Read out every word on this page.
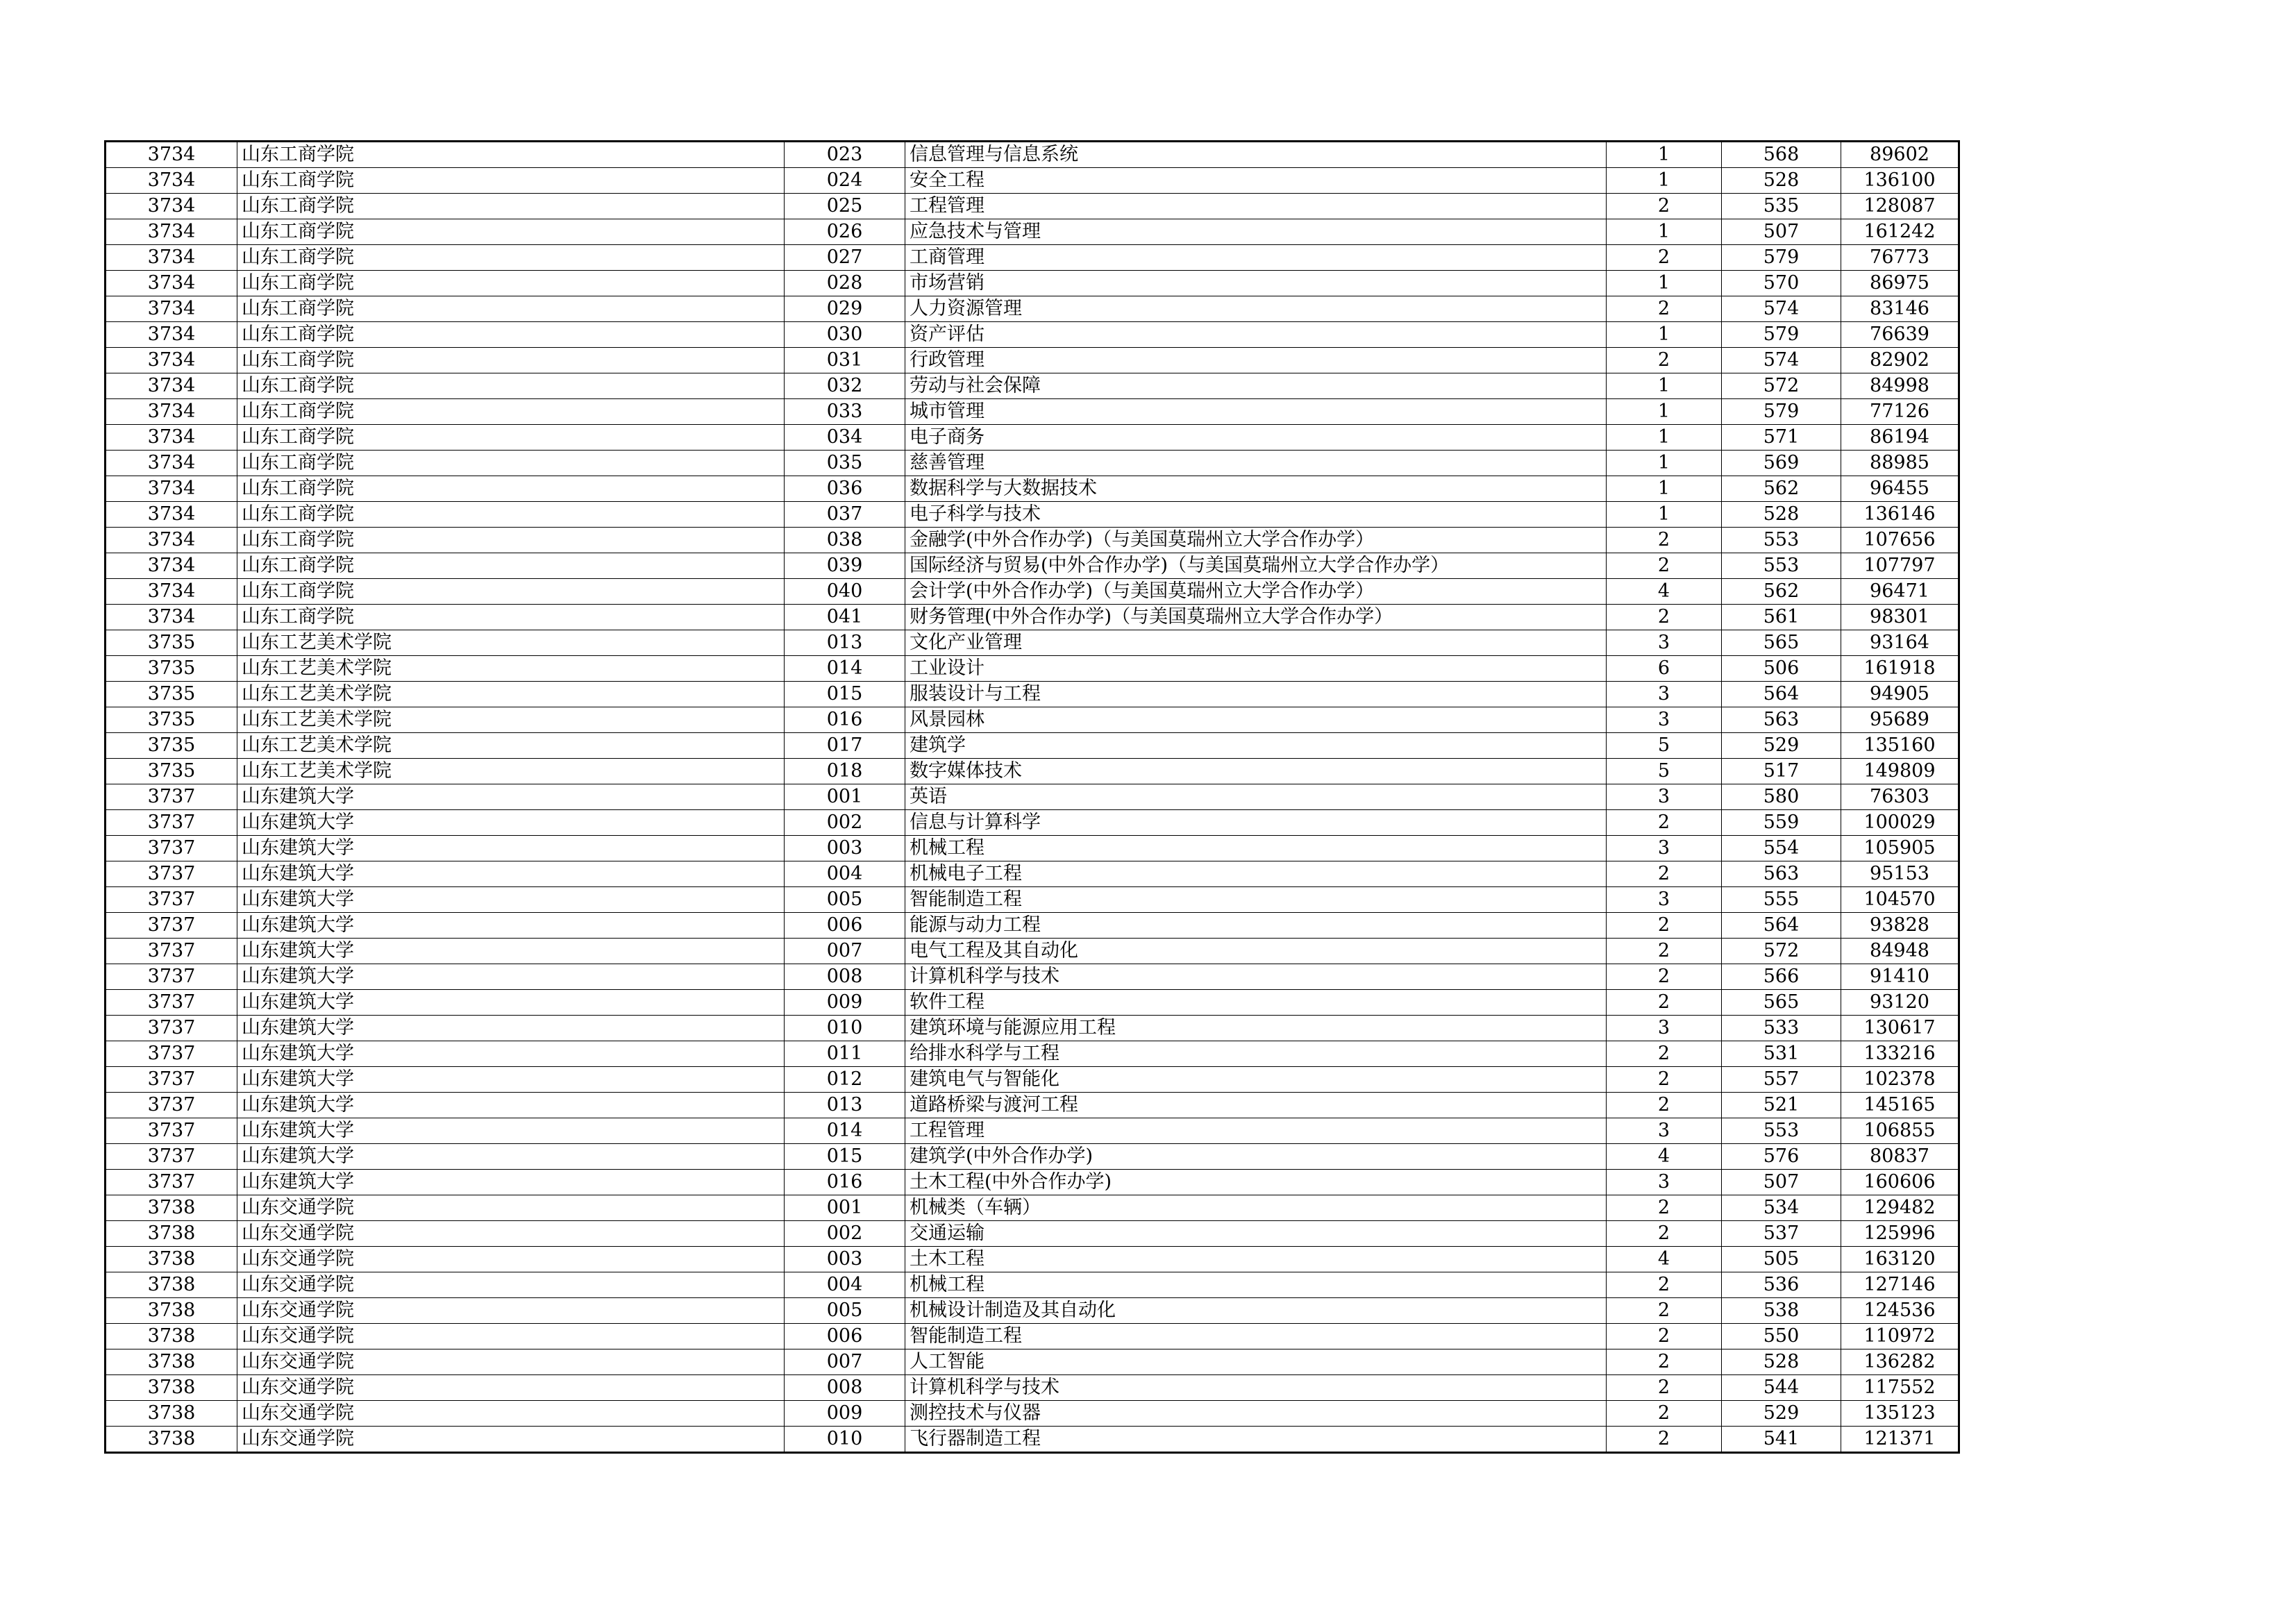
3734	山东工商学院	023	信息管理与信息系统	1	568	89602
3734	山东工商学院	024	安全工程	1	528	136100
3734	山东工商学院	025	工程管理	2	535	128087
3734	山东工商学院	026	应急技术与管理	1	507	161242
3734	山东工商学院	027	工商管理	2	579	76773
3734	山东工商学院	028	市场营销	1	570	86975
3734	山东工商学院	029	人力资源管理	2	574	83146
3734	山东工商学院	030	资产评估	1	579	76639
3734	山东工商学院	031	行政管理	2	574	82902
3734	山东工商学院	032	劳动与社会保障	1	572	84998
3734	山东工商学院	033	城市管理	1	579	77126
3734	山东工商学院	034	电子商务	1	571	86194
3734	山东工商学院	035	慈善管理	1	569	88985
3734	山东工商学院	036	数据科学与大数据技术	1	562	96455
3734	山东工商学院	037	电子科学与技术	1	528	136146
3734	山东工商学院	038	金融学(中外合作办学)（与美国莫瑞州立大学合作办学）	2	553	107656
3734	山东工商学院	039	国际经济与贸易(中外合作办学)（与美国莫瑞州立大学合作办学）	2	553	107797
3734	山东工商学院	040	会计学(中外合作办学)（与美国莫瑞州立大学合作办学）	4	562	96471
3734	山东工商学院	041	财务管理(中外合作办学)（与美国莫瑞州立大学合作办学）	2	561	98301
3735	山东工艺美术学院	013	文化产业管理	3	565	93164
3735	山东工艺美术学院	014	工业设计	6	506	161918
3735	山东工艺美术学院	015	服装设计与工程	3	564	94905
3735	山东工艺美术学院	016	风景园林	3	563	95689
3735	山东工艺美术学院	017	建筑学	5	529	135160
3735	山东工艺美术学院	018	数字媒体技术	5	517	149809
3737	山东建筑大学	001	英语	3	580	76303
3737	山东建筑大学	002	信息与计算科学	2	559	100029
3737	山东建筑大学	003	机械工程	3	554	105905
3737	山东建筑大学	004	机械电子工程	2	563	95153
3737	山东建筑大学	005	智能制造工程	3	555	104570
3737	山东建筑大学	006	能源与动力工程	2	564	93828
3737	山东建筑大学	007	电气工程及其自动化	2	572	84948
3737	山东建筑大学	008	计算机科学与技术	2	566	91410
3737	山东建筑大学	009	软件工程	2	565	93120
3737	山东建筑大学	010	建筑环境与能源应用工程	3	533	130617
3737	山东建筑大学	011	给排水科学与工程	2	531	133216
3737	山东建筑大学	012	建筑电气与智能化	2	557	102378
3737	山东建筑大学	013	道路桥梁与渡河工程	2	521	145165
3737	山东建筑大学	014	工程管理	3	553	106855
3737	山东建筑大学	015	建筑学(中外合作办学)	4	576	80837
3737	山东建筑大学	016	土木工程(中外合作办学)	3	507	160606
3738	山东交通学院	001	机械类（车辆）	2	534	129482
3738	山东交通学院	002	交通运输	2	537	125996
3738	山东交通学院	003	土木工程	4	505	163120
3738	山东交通学院	004	机械工程	2	536	127146
3738	山东交通学院	005	机械设计制造及其自动化	2	538	124536
3738	山东交通学院	006	智能制造工程	2	550	110972
3738	山东交通学院	007	人工智能	2	528	136282
3738	山东交通学院	008	计算机科学与技术	2	544	117552
3738	山东交通学院	009	测控技术与仪器	2	529	135123
3738	山东交通学院	010	飞行器制造工程	2	541	121371
